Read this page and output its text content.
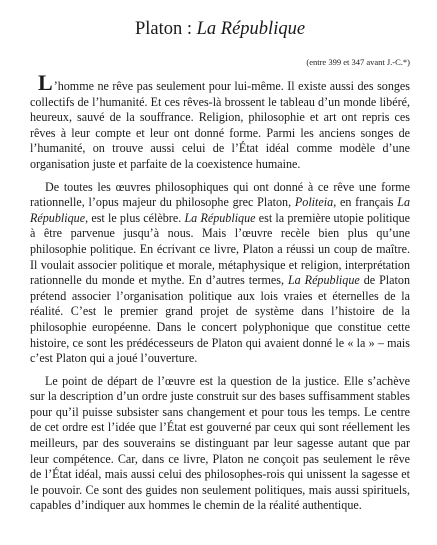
Platon : La République
(entre 399 et 347 avant J.-C.*)

L’homme ne rêve pas seulement pour lui-même. Il existe aussi des songes collectifs de l’humanité. Et ces rêves-là brossent le tableau d’un monde libéré, heureux, sauvé de la souffrance. Religion, philosophie et art ont repris ces rêves à leur compte et leur ont donné forme. Parmi les anciens songes de l’humanité, on trouve aussi celui de l’État idéal comme modèle d’une organisation juste et parfaite de la coexistence humaine.

De toutes les œuvres philosophiques qui ont donné à ce rêve une forme rationnelle, l’opus majeur du philosophe grec Platon, Politeia, en français La République, est le plus célèbre. La République est la première utopie politique à être parvenue jusqu’à nous. Mais l’œuvre recèle bien plus qu’une philosophie politique. En écrivant ce livre, Platon a réussi un coup de maître. Il voulait associer politique et morale, métaphysique et religion, interprétation rationnelle du monde et mythe. En d’autres termes, La République de Platon prétend associer l’organisation politique aux lois vraies et éternelles de la réalité. C’est le premier grand projet de système dans l’histoire de la philosophie européenne. Dans le concert polyphonique que constitue cette histoire, ce sont les prédécesseurs de Platon qui avaient donné le « la » – mais c’est Platon qui a joué l’ouverture.

Le point de départ de l’œuvre est la question de la justice. Elle s’achève sur la description d’un ordre juste construit sur des bases suffisamment stables pour qu’il puisse subsister sans changement et pour tous les temps. Le centre de cet ordre est l’idée que l’État est gouverné par ceux qui sont réellement les meilleurs, par des souverains se distinguant par leur sagesse autant que par leur compétence. Car, dans ce livre, Platon ne conçoit pas seulement le rêve de l’État idéal, mais aussi celui des philosophes-rois qui unissent la sagesse et le pouvoir. Ce sont des guides non seulement politiques, mais aussi spirituels, capables d’indiquer aux hommes le chemin de la réalité authentique.
